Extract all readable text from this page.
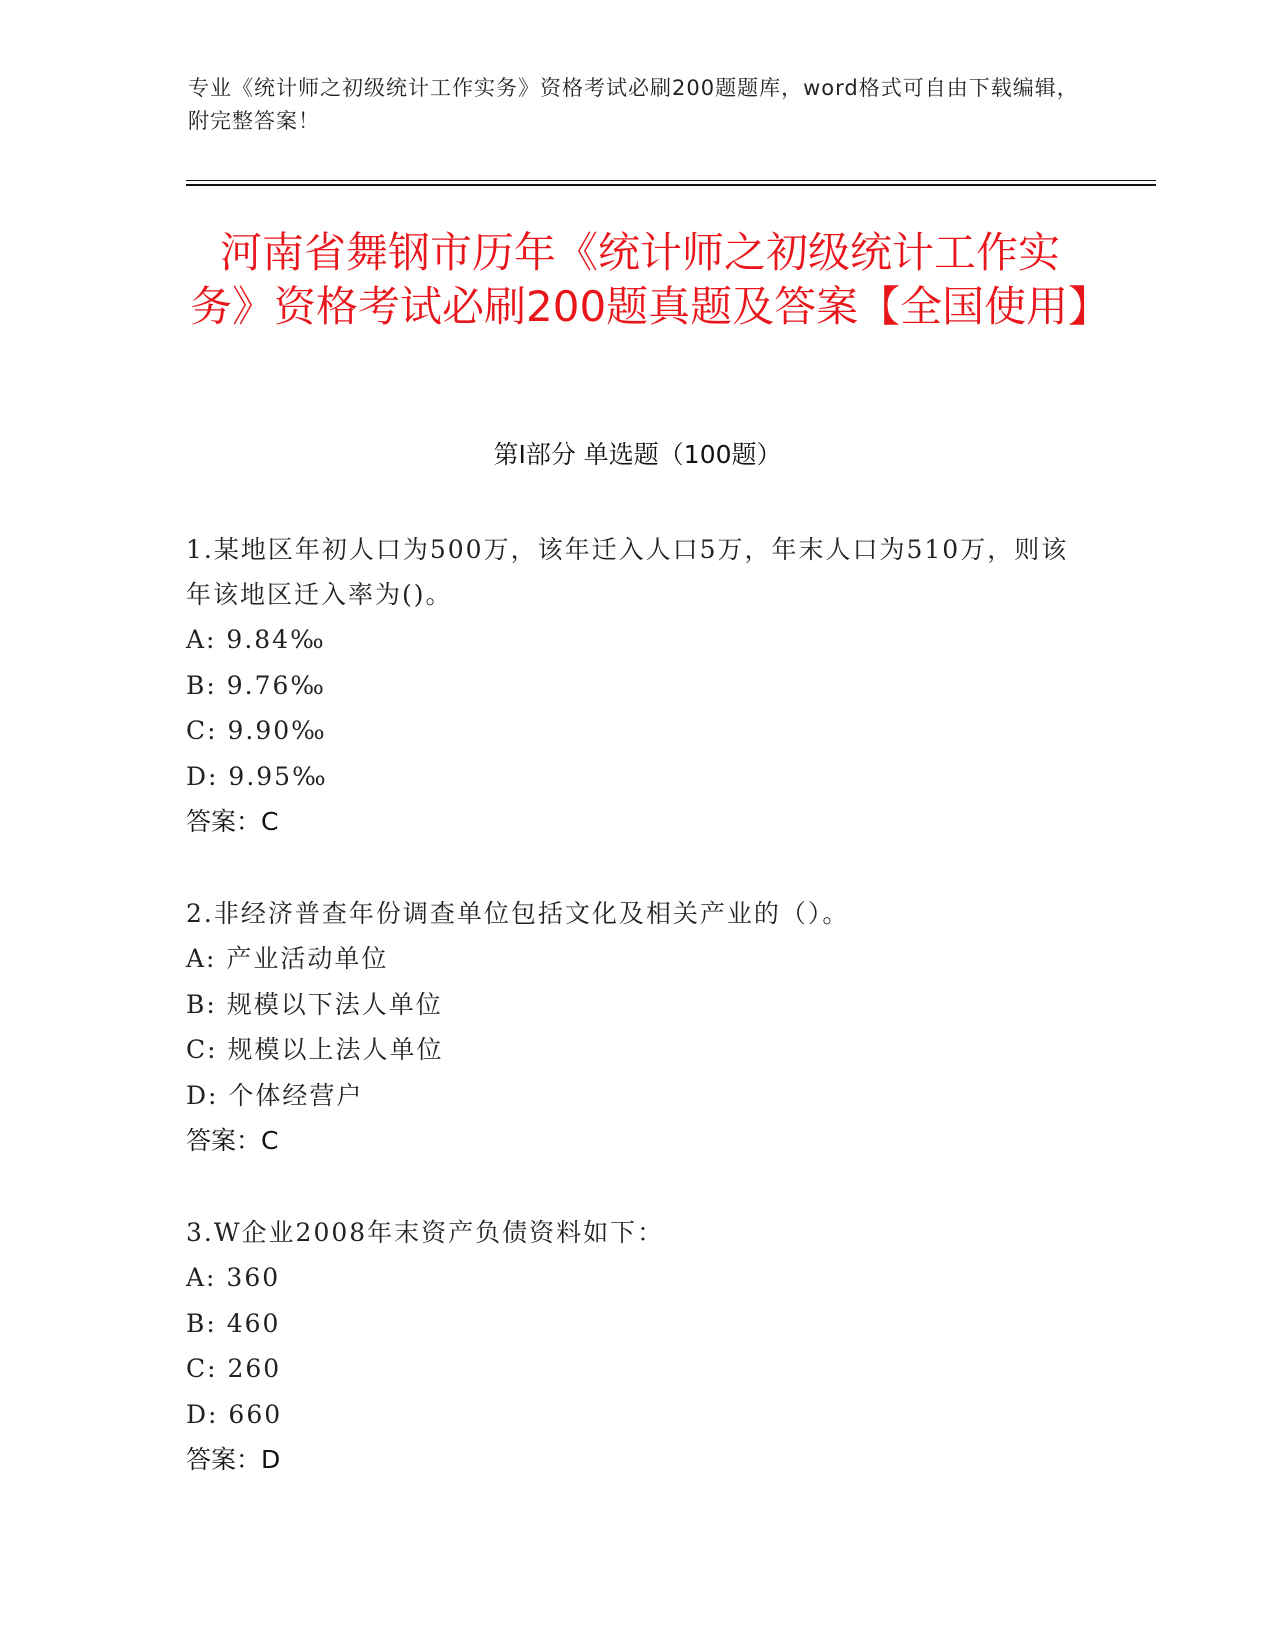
专业《统计师之初级统计工作实务》资格考试必刷200题题库，word格式可自由下载编辑，附完整答案！
河南省舞钢市历年《统计师之初级统计工作实务》资格考试必刷200题真题及答案【全国使用】
第Ⅰ部分 单选题（100题）
1.某地区年初人口为500万，该年迁入人口5万，年末人口为510万，则该年该地区迁入率为()。
A: 9.84‰
B: 9.76‰
C: 9.90‰
D: 9.95‰
答案：C
2.非经济普查年份调查单位包括文化及相关产业的（）。
A: 产业活动单位
B: 规模以下法人单位
C: 规模以上法人单位
D: 个体经营户
答案：C
3.W企业2008年末资产负债资料如下：
A: 360
B: 460
C: 260
D: 660
答案：D
